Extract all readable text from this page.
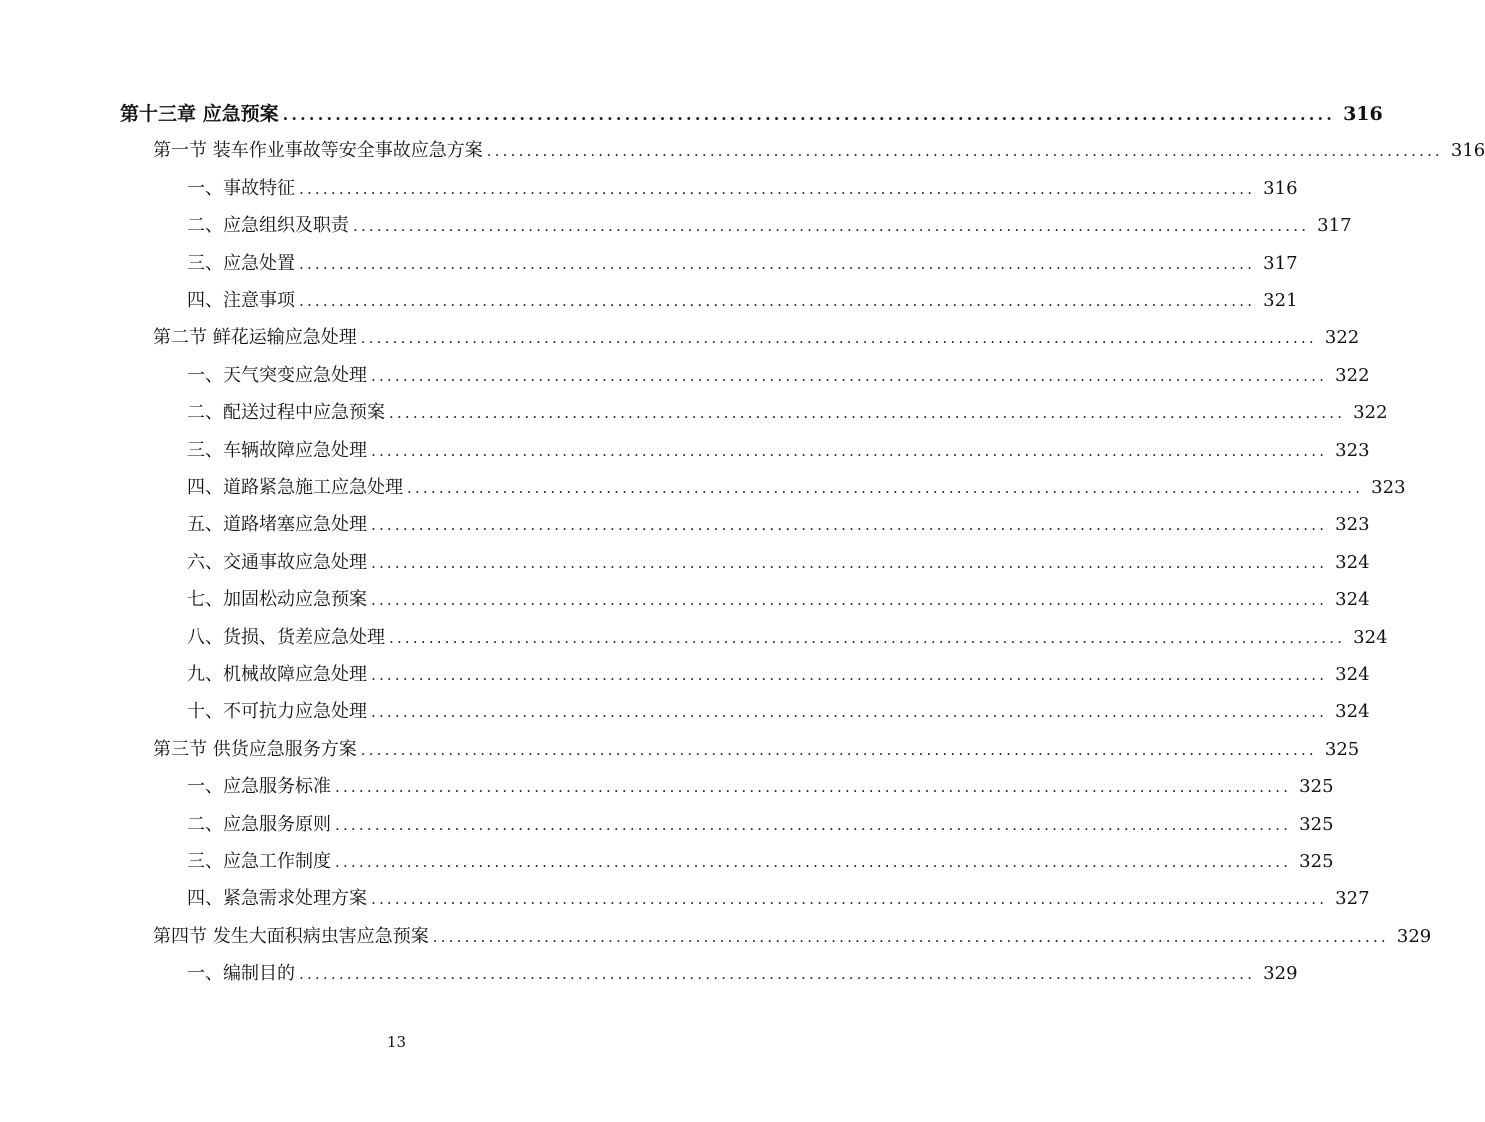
第十三章 应急预案 ........................................................................................................................ 316
第一节 装车作业事故等安全事故应急方案 ........................................................................................................................ 316
一、事故特征 ........................................................................................................................ 316
二、应急组织及职责 ........................................................................................................................ 317
三、应急处置 ........................................................................................................................ 317
四、注意事项 ........................................................................................................................ 321
第二节 鲜花运输应急处理 ........................................................................................................................ 322
一、天气突变应急处理 ........................................................................................................................ 322
二、配送过程中应急预案 ........................................................................................................................ 322
三、车辆故障应急处理 ........................................................................................................................ 323
四、道路紧急施工应急处理 ........................................................................................................................ 323
五、道路堵塞应急处理 ........................................................................................................................ 323
六、交通事故应急处理 ........................................................................................................................ 324
七、加固松动应急预案 ........................................................................................................................ 324
八、货损、货差应急处理 ........................................................................................................................ 324
九、机械故障应急处理 ........................................................................................................................ 324
十、不可抗力应急处理 ........................................................................................................................ 324
第三节 供货应急服务方案 ........................................................................................................................ 325
一、应急服务标准 ........................................................................................................................ 325
二、应急服务原则 ........................................................................................................................ 325
三、应急工作制度 ........................................................................................................................ 325
四、紧急需求处理方案 ........................................................................................................................ 327
第四节 发生大面积病虫害应急预案 ........................................................................................................................ 329
一、编制目的 ........................................................................................................................ 329
13
